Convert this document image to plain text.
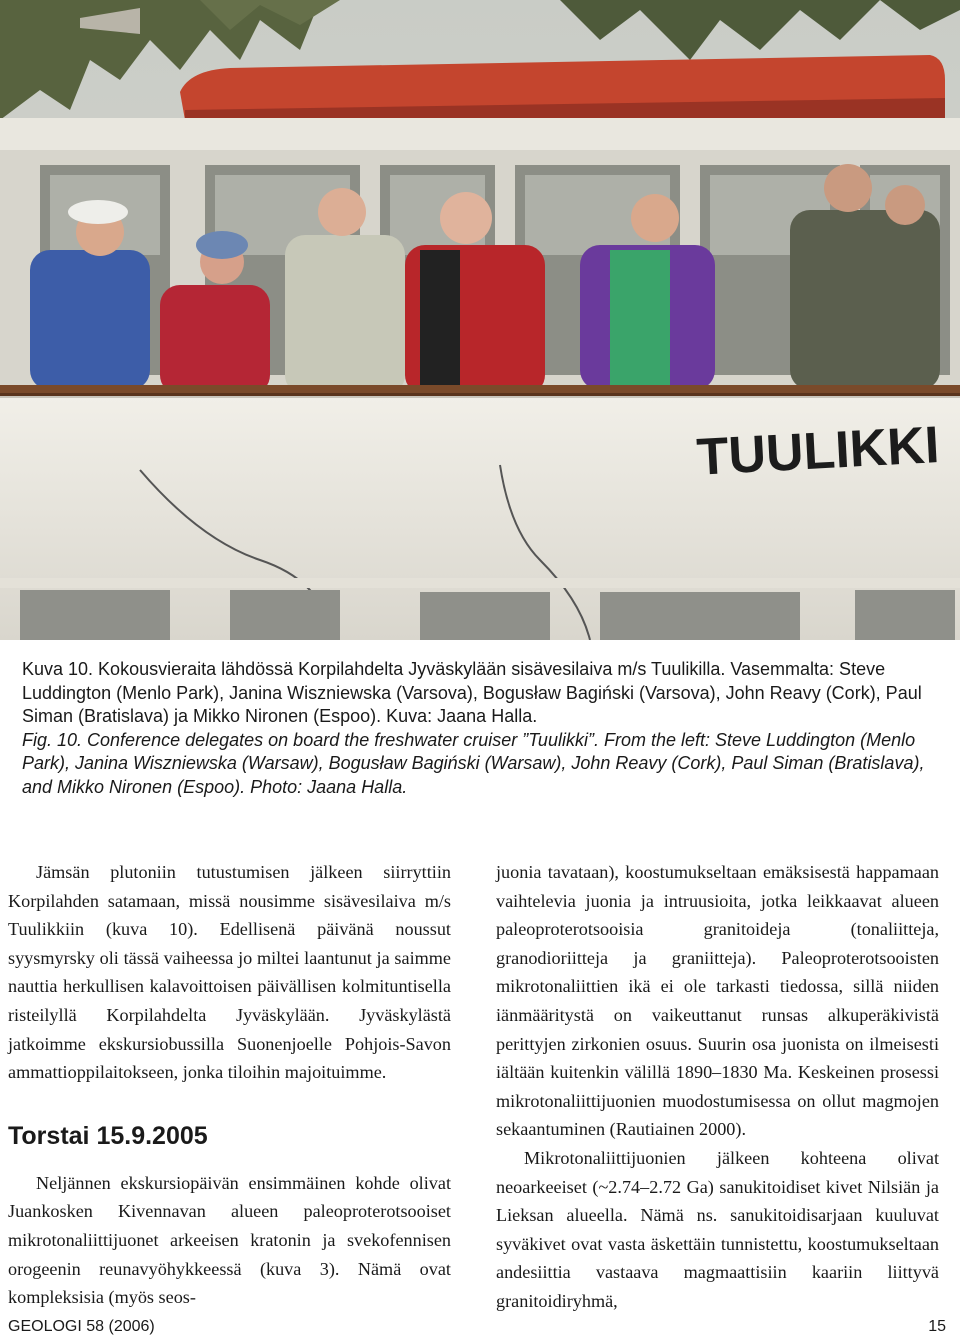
TUULIKKI

Kuva 10. Kokousvieraita lähdössä Korpilahdelta Jyväskylään sisävesilaiva m/s Tuulikilla. Vasemmalta: Steve Luddington (Menlo Park), Janina Wiszniewska (Varsova), Bogusław Bagiński (Varsova), John Reavy (Cork), Paul Siman (Bratislava) ja Mikko Nironen (Espoo). Kuva: Jaana Halla.

Fig. 10. Conference delegates on board the freshwater cruiser ”Tuulikki”. From the left: Steve Luddington (Menlo Park), Janina Wiszniewska (Warsaw), Bogusław Bagiński (Warsaw), John Reavy (Cork), Paul Siman (Bratislava), and Mikko Nironen (Espoo). Photo: Jaana Halla.

Jämsän plutoniin tutustumisen jälkeen siirryttiin Korpilahden satamaan, missä nousimme sisävesilaiva m/s Tuulikkiin (kuva 10). Edellisenä päivänä noussut syysmyrsky oli tässä vaiheessa jo miltei laantunut ja saimme nauttia herkullisen kalavoittoisen päivällisen kolmituntisella risteilyllä Korpilahdelta Jyväskylään. Jyväskylästä jatkoimme ekskursiobussilla Suonenjoelle Pohjois-Savon ammattioppilaitokseen, jonka tiloihin majoituimme.

Torstai 15.9.2005

Neljännen ekskursiopäivän ensimmäinen kohde olivat Juankosken Kivennavan alueen paleoproterotsooiset mikrotonaliittijuonet arkeeisen kratonin ja svekofennisen orogeenin reunavyöhykkeessä (kuva 3). Nämä ovat kompleksisia (myös seos-

juonia tavataan), koostumukseltaan emäksisestä happamaan vaihtelevia juonia ja intruusioita, jotka leikkaavat alueen paleoproterotsooisia granitoideja (tonaliitteja, granodioriitteja ja graniitteja). Paleoproterotsooisten mikrotonaliittien ikä ei ole tarkasti tiedossa, sillä niiden iänmääritystä on vaikeuttanut runsas alkuperäkivistä perittyjen zirkonien osuus. Suurin osa juonista on ilmeisesti iältään kuitenkin välillä 1890–1830 Ma. Keskeinen prosessi mikrotonaliittijuonien muodostumisessa on ollut magmojen sekaantuminen (Rautiainen 2000).

Mikrotonaliittijuonien jälkeen kohteena olivat neoarkeeiset (~2.74–2.72 Ga) sanukitoidiset kivet Nilsiän ja Lieksan alueella. Nämä ns. sanukitoidisarjaan kuuluvat syväkivet ovat vasta äskettäin tunnistettu, koostumukseltaan andesiittia vastaava magmaattisiin kaariin liittyvä granitoidiryhmä,

GEOLOGI 58 (2006)	15
